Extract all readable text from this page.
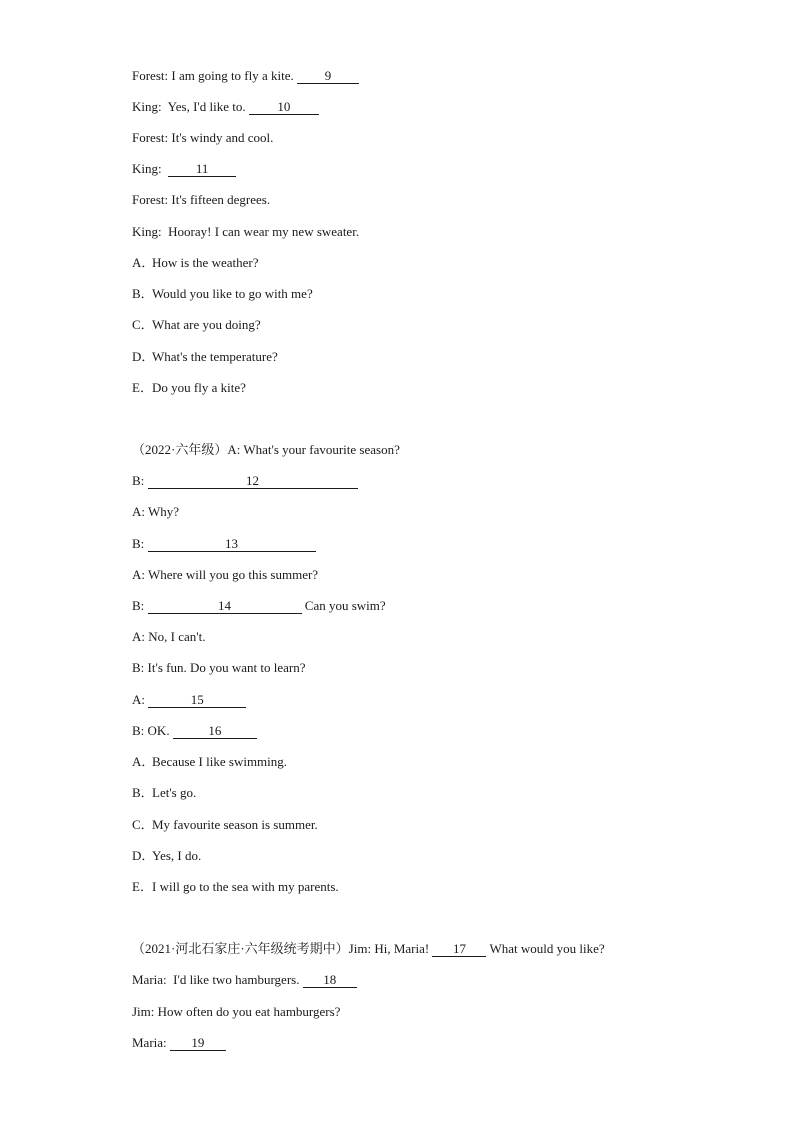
Forest: I am going to fly a kite. 9
King: Yes, I'd like to. 10
Forest: It's windy and cool.
King:	11
Forest: It's fifteen degrees.
King: Hooray! I can wear my new sweater.
A．How is the weather?
B．Would you like to go with me?
C．What are you doing?
D．What's the temperature?
E．Do you fly a kite?
（2022·六年级）A: What's your favourite season?
B:	12
A: Why?
B:	13
A: Where will you go this summer?
B:	14	Can you swim?
A: No, I can't.
B: It's fun. Do you want to learn?
A:	15
B: OK.	16
A．Because I like swimming.
B．Let's go.
C．My favourite season is summer.
D．Yes, I do.
E．I will go to the sea with my parents.
（2021·河北石家庄·六年级统考期中）Jim: Hi, Maria! 17 What would you like?
Maria: I'd like two hamburgers. 18
Jim: How often do you eat hamburgers?
Maria: 19
